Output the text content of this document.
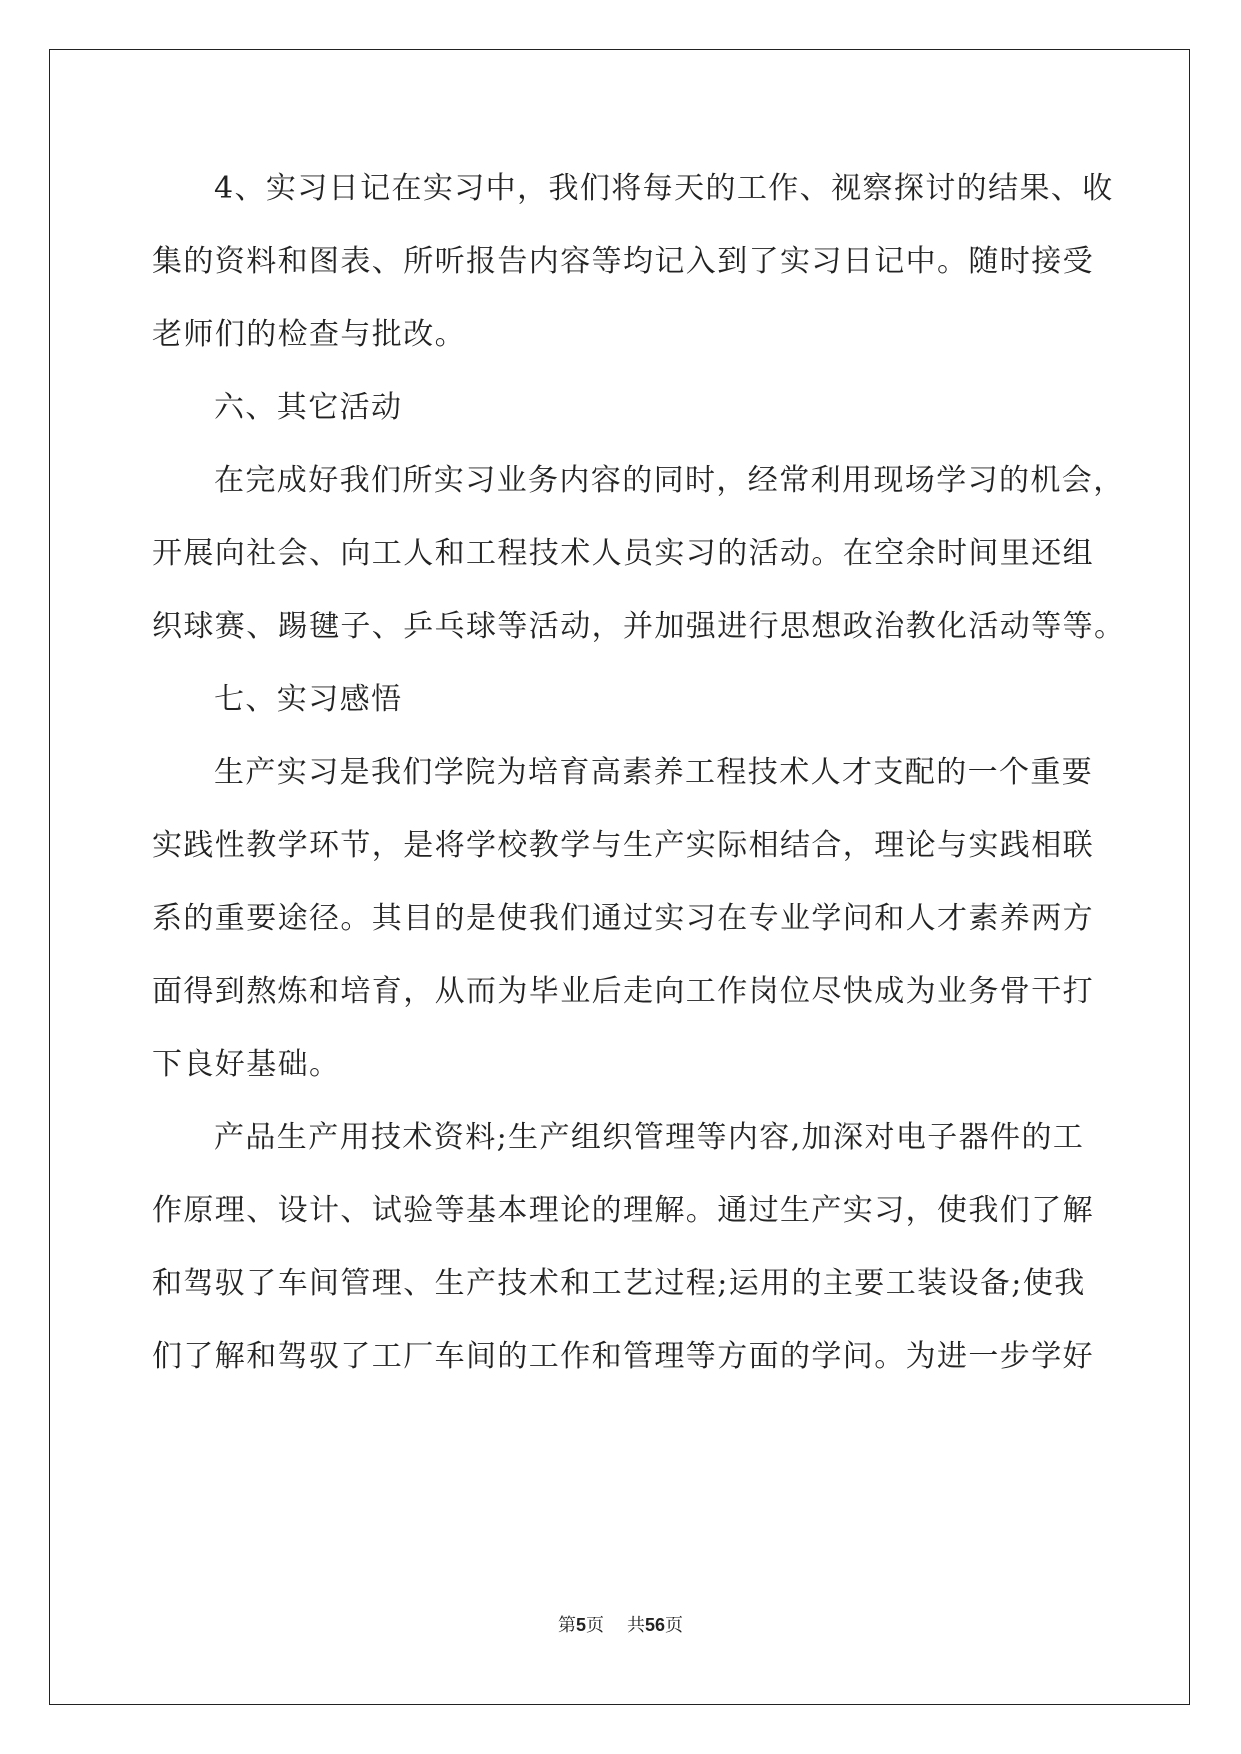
4、实习日记在实习中，我们将每天的工作、视察探讨的结果、收
集的资料和图表、所听报告内容等均记入到了实习日记中。随时接受
老师们的检查与批改。
六、其它活动
在完成好我们所实习业务内容的同时，经常利用现场学习的机会，
开展向社会、向工人和工程技术人员实习的活动。在空余时间里还组
织球赛、踢毽子、乒乓球等活动，并加强进行思想政治教化活动等等。
七、实习感悟
生产实习是我们学院为培育高素养工程技术人才支配的一个重要
实践性教学环节，是将学校教学与生产实际相结合，理论与实践相联
系的重要途径。其目的是使我们通过实习在专业学问和人才素养两方
面得到熬炼和培育，从而为毕业后走向工作岗位尽快成为业务骨干打
下良好基础。
产品生产用技术资料;生产组织管理等内容,加深对电子器件的工
作原理、设计、试验等基本理论的理解。通过生产实习，使我们了解
和驾驭了车间管理、生产技术和工艺过程;运用的主要工装设备;使我
们了解和驾驭了工厂车间的工作和管理等方面的学问。为进一步学好
第5页 共56页
